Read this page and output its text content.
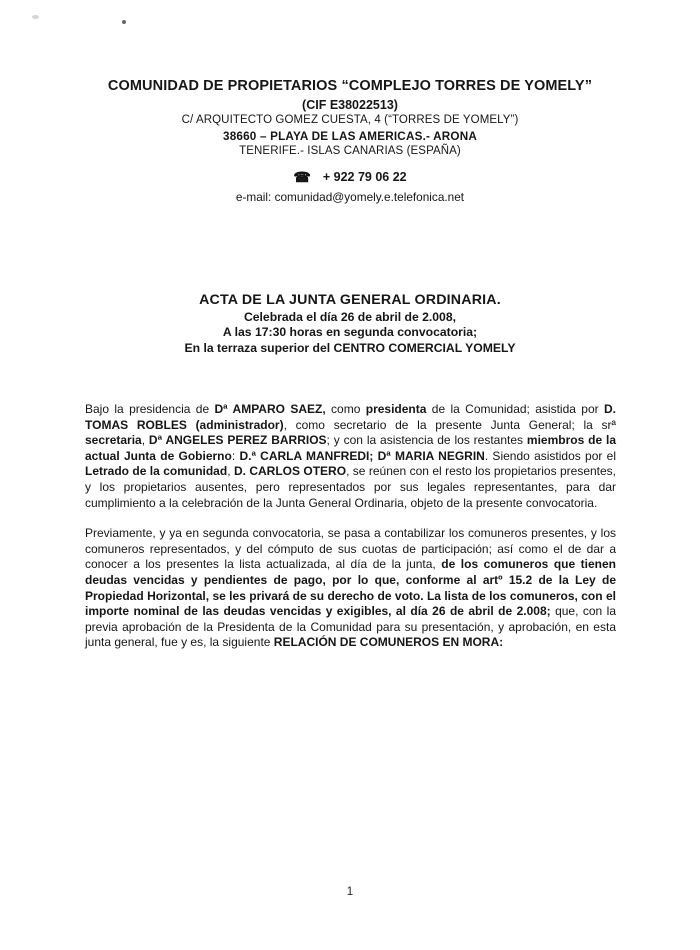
COMUNIDAD DE PROPIETARIOS “COMPLEJO TORRES DE YOMELY”
(CIF E38022513)
C/ ARQUITECTO GOMEZ CUESTA, 4 (“TORRES DE YOMELY”)
38660 – PLAYA DE LAS AMERICAS.- ARONA
TENERIFE.- ISLAS CANARIAS (ESPAÑA)
☎ + 922 79 06 22
e-mail: comunidad@yomely.e.telefonica.net
ACTA DE LA JUNTA GENERAL ORDINARIA.
Celebrada el día 26 de abril de 2.008,
A las 17:30 horas en segunda convocatoria;
En la terraza superior del CENTRO COMERCIAL YOMELY

Bajo la presidencia de Dª AMPARO SAEZ, como presidenta de la Comunidad; asistida por D. TOMAS ROBLES (administrador), como secretario de la presente Junta General; la srª secretaria, Dª ANGELES PEREZ BARRIOS; y con la asistencia de los restantes miembros de la actual Junta de Gobierno: D.ª CARLA MANFREDI; Dª MARIA NEGRIN. Siendo asistidos por el Letrado de la comunidad, D. CARLOS OTERO, se reúnen con el resto los propietarios presentes, y los propietarios ausentes, pero representados por sus legales representantes, para dar cumplimiento a la celebración de la Junta General Ordinaria, objeto de la presente convocatoria.

Previamente, y ya en segunda convocatoria, se pasa a contabilizar los comuneros presentes, y los comuneros representados, y del cómputo de sus cuotas de participación; así como el de dar a conocer a los presentes la lista actualizada, al día de la junta, de los comuneros que tienen deudas vencidas y pendientes de pago, por lo que, conforme al artº 15.2 de la Ley de Propiedad Horizontal, se les privará de su derecho de voto. La lista de los comuneros, con el importe nominal de las deudas vencidas y exigibles, al día 26 de abril de 2.008; que, con la previa aprobación de la Presidenta de la Comunidad para su presentación, y aprobación, en esta junta general, fue y es, la siguiente RELACIÓN DE COMUNEROS EN MORA:

1
